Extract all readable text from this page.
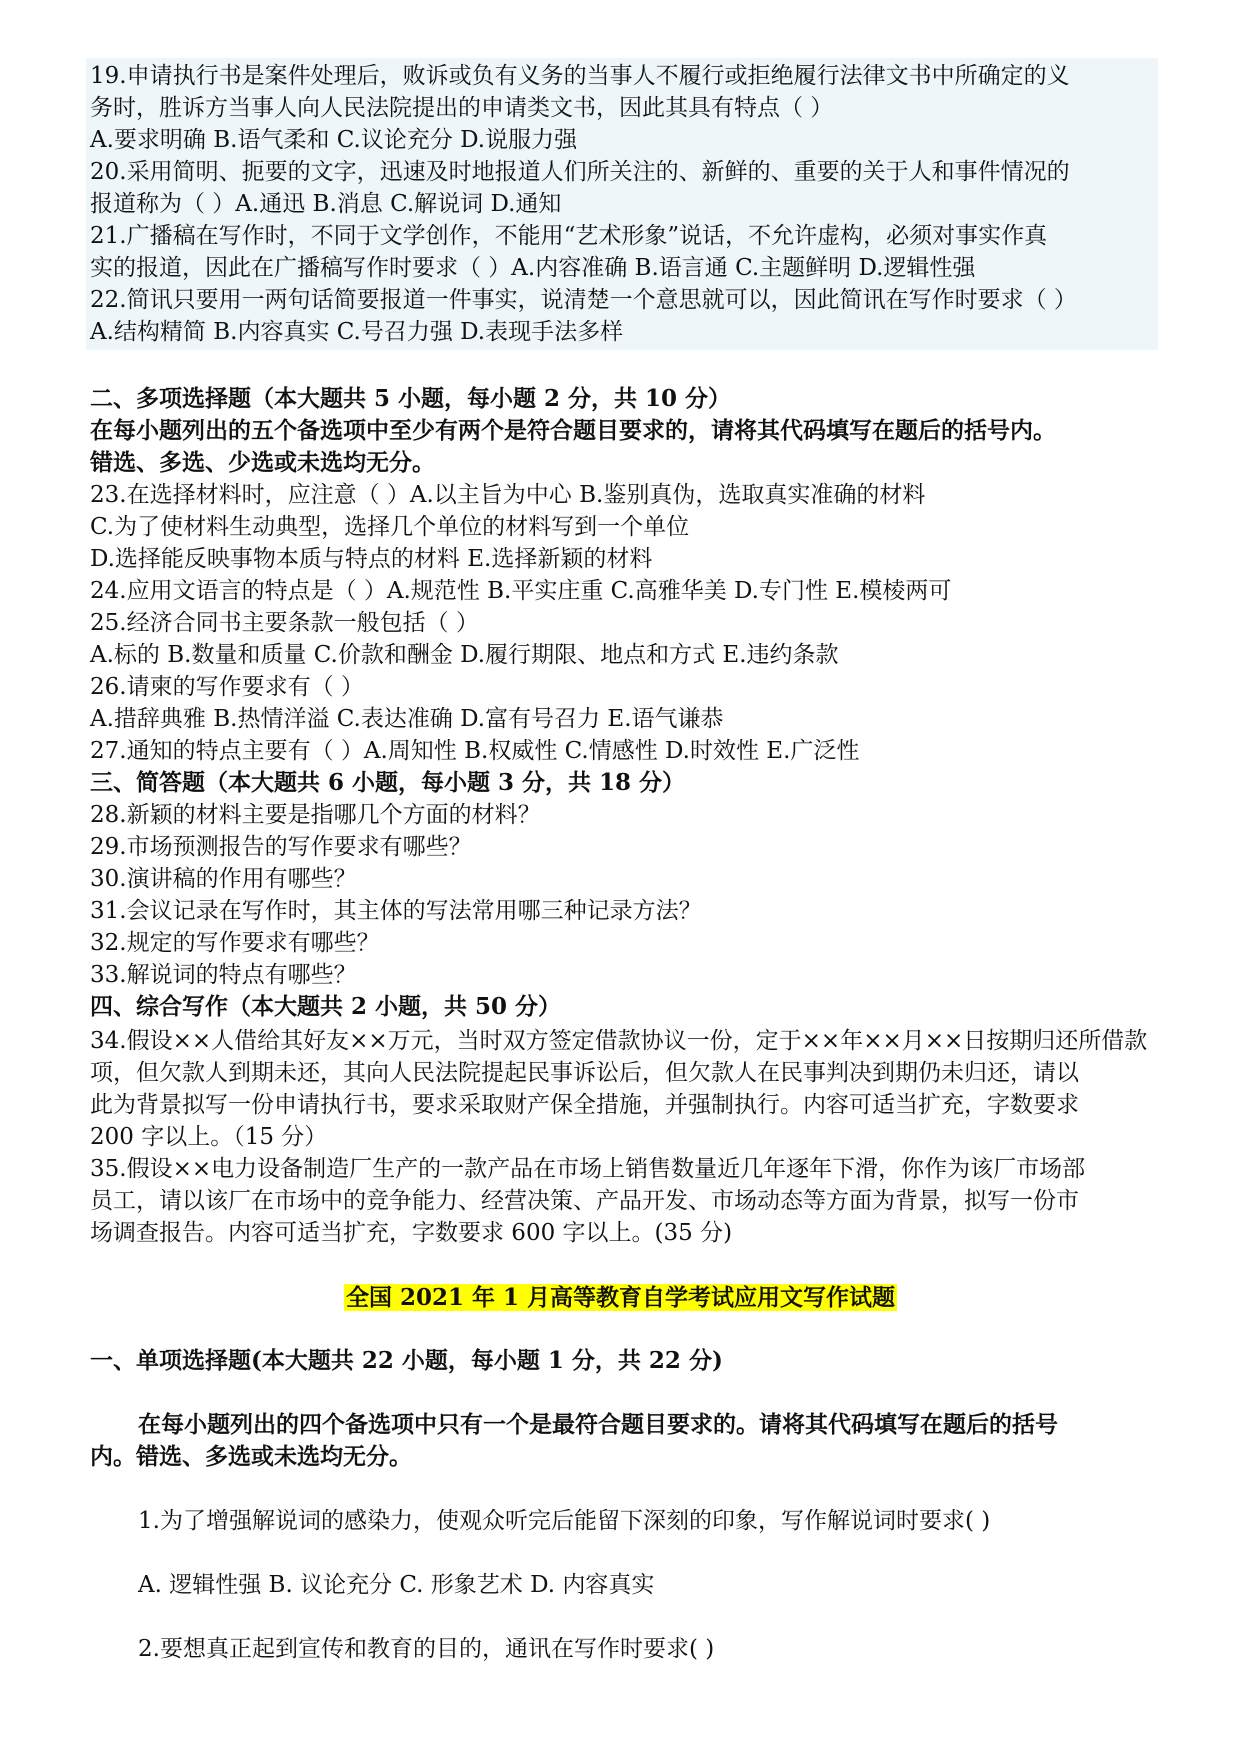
19.申请执行书是案件处理后，败诉或负有义务的当事人不履行或拒绝履行法律文书中所确定的义
务时，胜诉方当事人向人民法院提出的申请类文书，因此其具有特点（ ）
A.要求明确 B.语气柔和 C.议论充分 D.说服力强
20.采用简明、扼要的文字，迅速及时地报道人们所关注的、新鲜的、重要的关于人和事件情况的
报道称为（ ）A.通迅 B.消息 C.解说词 D.通知
21.广播稿在写作时，不同于文学创作，不能用“艺术形象”说话，不允许虚构，必须对事实作真
实的报道，因此在广播稿写作时要求（ ）A.内容准确 B.语言通 C.主题鲜明 D.逻辑性强
22.简讯只要用一两句话简要报道一件事实，说清楚一个意思就可以，因此简讯在写作时要求（ ）
A.结构精简 B.内容真实 C.号召力强 D.表现手法多样
二、多项选择题（本大题共 5 小题，每小题 2 分，共 10 分）
在每小题列出的五个备选项中至少有两个是符合题目要求的，请将其代码填写在题后的括号内。
错选、多选、少选或未选均无分。
23.在选择材料时，应注意（ ）A.以主旨为中心 B.鉴别真伪，选取真实准确的材料
C.为了使材料生动典型，选择几个单位的材料写到一个单位
D.选择能反映事物本质与特点的材料 E.选择新颖的材料
24.应用文语言的特点是（ ）A.规范性 B.平实庄重 C.高雅华美 D.专门性 E.模棱两可
25.经济合同书主要条款一般包括（ ）
A.标的 B.数量和质量 C.价款和酬金 D.履行期限、地点和方式 E.违约条款
26.请柬的写作要求有（ ）
A.措辞典雅 B.热情洋溢 C.表达准确 D.富有号召力 E.语气谦恭
27.通知的特点主要有（ ）A.周知性 B.权威性 C.情感性 D.时效性 E.广泛性
三、简答题（本大题共 6 小题，每小题 3 分，共 18 分）
28.新颖的材料主要是指哪几个方面的材料？
29.市场预测报告的写作要求有哪些？
30.演讲稿的作用有哪些？
31.会议记录在写作时，其主体的写法常用哪三种记录方法？
32.规定的写作要求有哪些？
33.解说词的特点有哪些？
四、综合写作（本大题共 2 小题，共 50 分）
34.假设××人借给其好友××万元，当时双方签定借款协议一份，定于××年××月××日按期归还所借款
项，但欠款人到期未还，其向人民法院提起民事诉讼后，但欠款人在民事判决到期仍未归还，请以
此为背景拟写一份申请执行书，要求采取财产保全措施，并强制执行。内容可适当扩充，字数要求
200 字以上。（15 分）
35.假设××电力设备制造厂生产的一款产品在市场上销售数量近几年逐年下滑，你作为该厂市场部
员工，请以该厂在市场中的竞争能力、经营决策、产品开发、市场动态等方面为背景，拟写一份市
场调查报告。内容可适当扩充，字数要求 600 字以上。(35 分)
全国 2021 年 1 月高等教育自学考试应用文写作试题
一、单项选择题(本大题共 22 小题，每小题 1 分，共 22 分)
在每小题列出的四个备选项中只有一个是最符合题目要求的。请将其代码填写在题后的括号
内。错选、多选或未选均无分。
1.为了增强解说词的感染力，使观众听完后能留下深刻的印象，写作解说词时要求( )
A. 逻辑性强 B. 议论充分 C. 形象艺术 D. 内容真实
2.要想真正起到宣传和教育的目的，通讯在写作时要求( )
